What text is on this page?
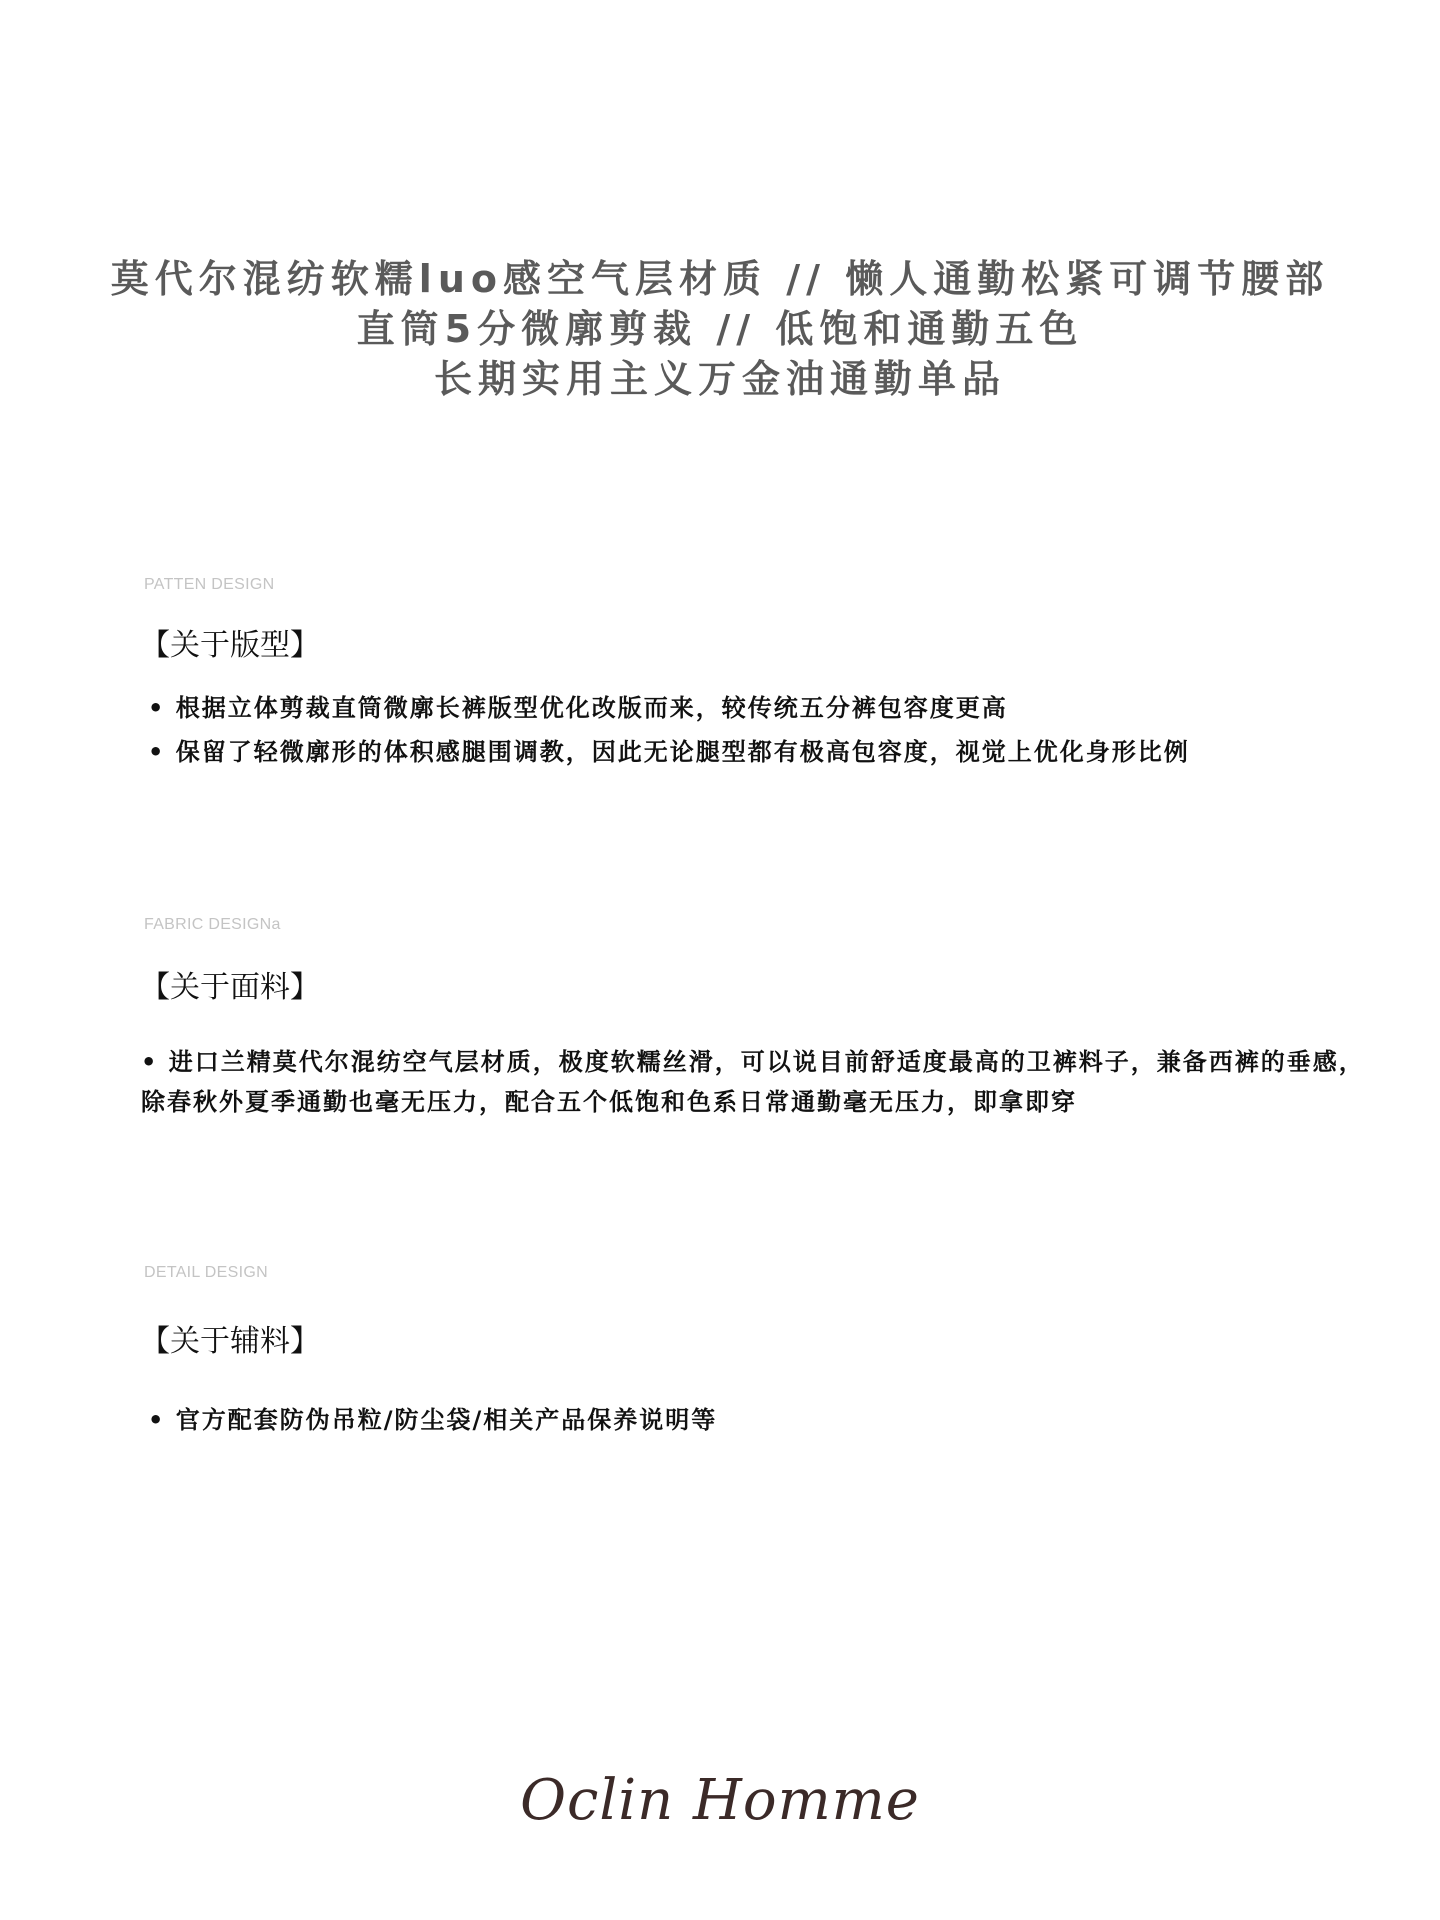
莫代尔混纺软糯luo感空气层材质 // 懒人通勤松紧可调节腰部
直筒5分微廓剪裁 // 低饱和通勤五色
长期实用主义万金油通勤单品
PATTEN DESIGN
【关于版型】
• 根据立体剪裁直筒微廓长裤版型优化改版而来，较传统五分裤包容度更高
• 保留了轻微廓形的体积感腿围调教，因此无论腿型都有极高包容度，视觉上优化身形比例
FABRIC DESIGNa
【关于面料】
• 进口兰精莫代尔混纺空气层材质，极度软糯丝滑，可以说目前舒适度最高的卫裤料子，兼备西裤的垂感，除春秋外夏季通勤也毫无压力，配合五个低饱和色系日常通勤毫无压力，即拿即穿
DETAIL DESIGN
【关于辅料】
• 官方配套防伪吊粒/防尘袋/相关产品保养说明等
Oclin Homme
